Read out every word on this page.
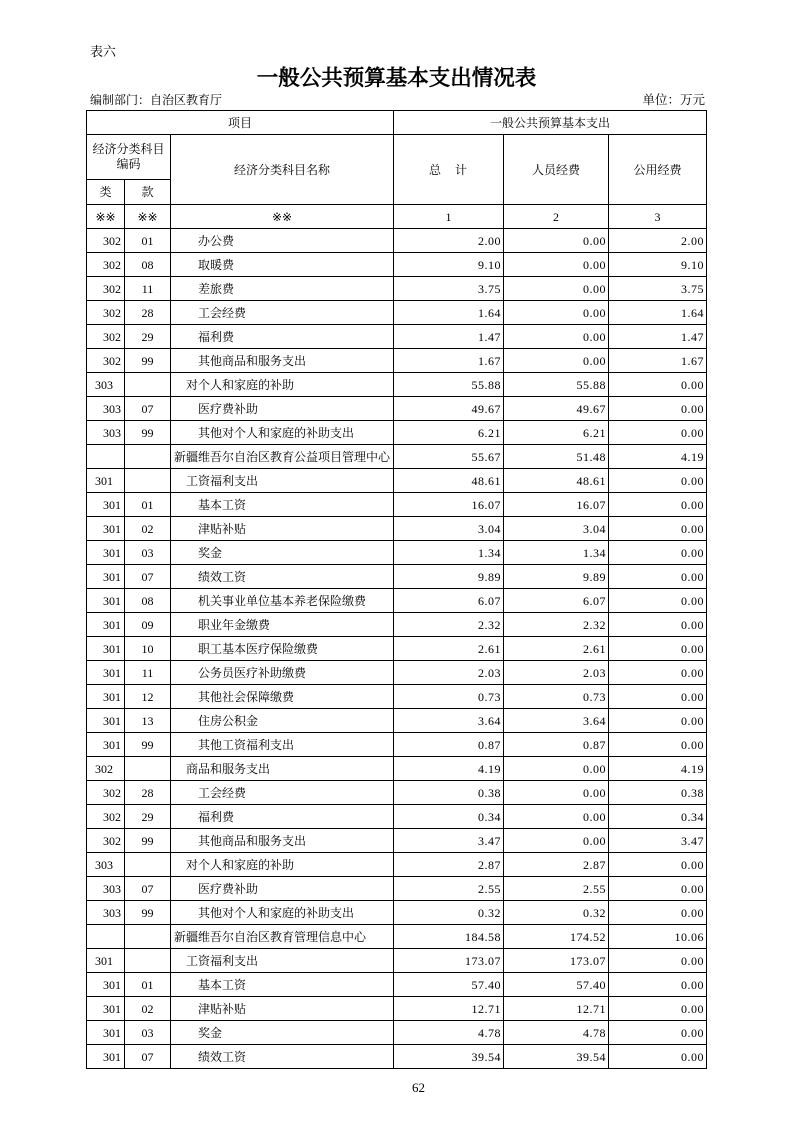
表六
一般公共预算基本支出情况表
编制部门：自治区教育厅	单位：万元
项目	一般公共预算基本支出
经济分类科目编码	经济分类科目名称	总　计	人员经费	公用经费
类	款
※※	※※	※※	1	2	3
302	01	办公费	2.00	0.00	2.00
302	08	取暖费	9.10	0.00	9.10
302	11	差旅费	3.75	0.00	3.75
302	28	工会经费	1.64	0.00	1.64
302	29	福利费	1.47	0.00	1.47
302	99	其他商品和服务支出	1.67	0.00	1.67
303	对个人和家庭的补助	55.88	55.88	0.00
303	07	医疗费补助	49.67	49.67	0.00
303	99	其他对个人和家庭的补助支出	6.21	6.21	0.00
新疆维吾尔自治区教育公益项目管理中心	55.67	51.48	4.19
301	工资福利支出	48.61	48.61	0.00
301	01	基本工资	16.07	16.07	0.00
301	02	津贴补贴	3.04	3.04	0.00
301	03	奖金	1.34	1.34	0.00
301	07	绩效工资	9.89	9.89	0.00
301	08	机关事业单位基本养老保险缴费	6.07	6.07	0.00
301	09	职业年金缴费	2.32	2.32	0.00
301	10	职工基本医疗保险缴费	2.61	2.61	0.00
301	11	公务员医疗补助缴费	2.03	2.03	0.00
301	12	其他社会保障缴费	0.73	0.73	0.00
301	13	住房公积金	3.64	3.64	0.00
301	99	其他工资福利支出	0.87	0.87	0.00
302	商品和服务支出	4.19	0.00	4.19
302	28	工会经费	0.38	0.00	0.38
302	29	福利费	0.34	0.00	0.34
302	99	其他商品和服务支出	3.47	0.00	3.47
303	对个人和家庭的补助	2.87	2.87	0.00
303	07	医疗费补助	2.55	2.55	0.00
303	99	其他对个人和家庭的补助支出	0.32	0.32	0.00
新疆维吾尔自治区教育管理信息中心	184.58	174.52	10.06
301	工资福利支出	173.07	173.07	0.00
301	01	基本工资	57.40	57.40	0.00
301	02	津贴补贴	12.71	12.71	0.00
301	03	奖金	4.78	4.78	0.00
301	07	绩效工资	39.54	39.54	0.00
62
